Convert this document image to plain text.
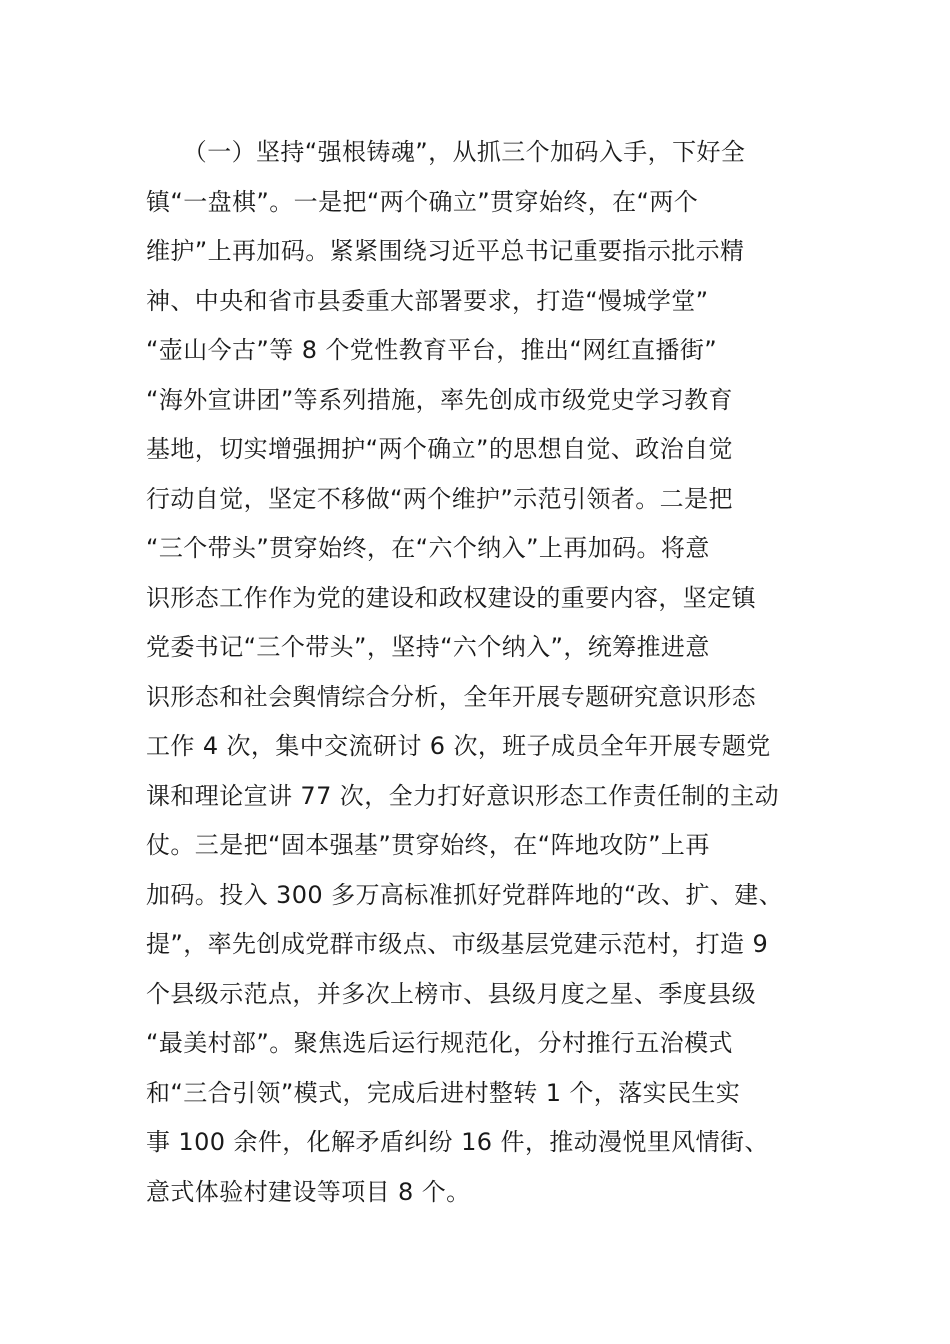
　　（一）坚持“强根铸魂”，从抓三个加码入手，下好全
镇“一盘棋”。一是把“两个确立”贯穿始终，在“两个
维护”上再加码。紧紧围绕习近平总书记重要指示批示精
神、中央和省市县委重大部署要求，打造“慢城学堂”
“壶山今古”等 8 个党性教育平台，推出“网红直播街”
“海外宣讲团”等系列措施，率先创成市级党史学习教育
基地，切实增强拥护“两个确立”的思想自觉、政治自觉
行动自觉，坚定不移做“两个维护”示范引领者。二是把
“三个带头”贯穿始终，在“六个纳入”上再加码。将意
识形态工作作为党的建设和政权建设的重要内容，坚定镇
党委书记“三个带头”，坚持“六个纳入”，统筹推进意
识形态和社会舆情综合分析，全年开展专题研究意识形态
工作 4 次，集中交流研讨 6 次，班子成员全年开展专题党
课和理论宣讲 77 次，全力打好意识形态工作责任制的主动
仗。三是把“固本强基”贯穿始终，在“阵地攻防”上再
加码。投入 300 多万高标准抓好党群阵地的“改、扩、建、
提”，率先创成党群市级点、市级基层党建示范村，打造 9
个县级示范点，并多次上榜市、县级月度之星、季度县级
“最美村部”。聚焦选后运行规范化，分村推行五治模式
和“三合引领”模式，完成后进村整转 1 个，落实民生实
事 100 余件，化解矛盾纠纷 16 件，推动漫悦里风情街、
意式体验村建设等项目 8 个。
